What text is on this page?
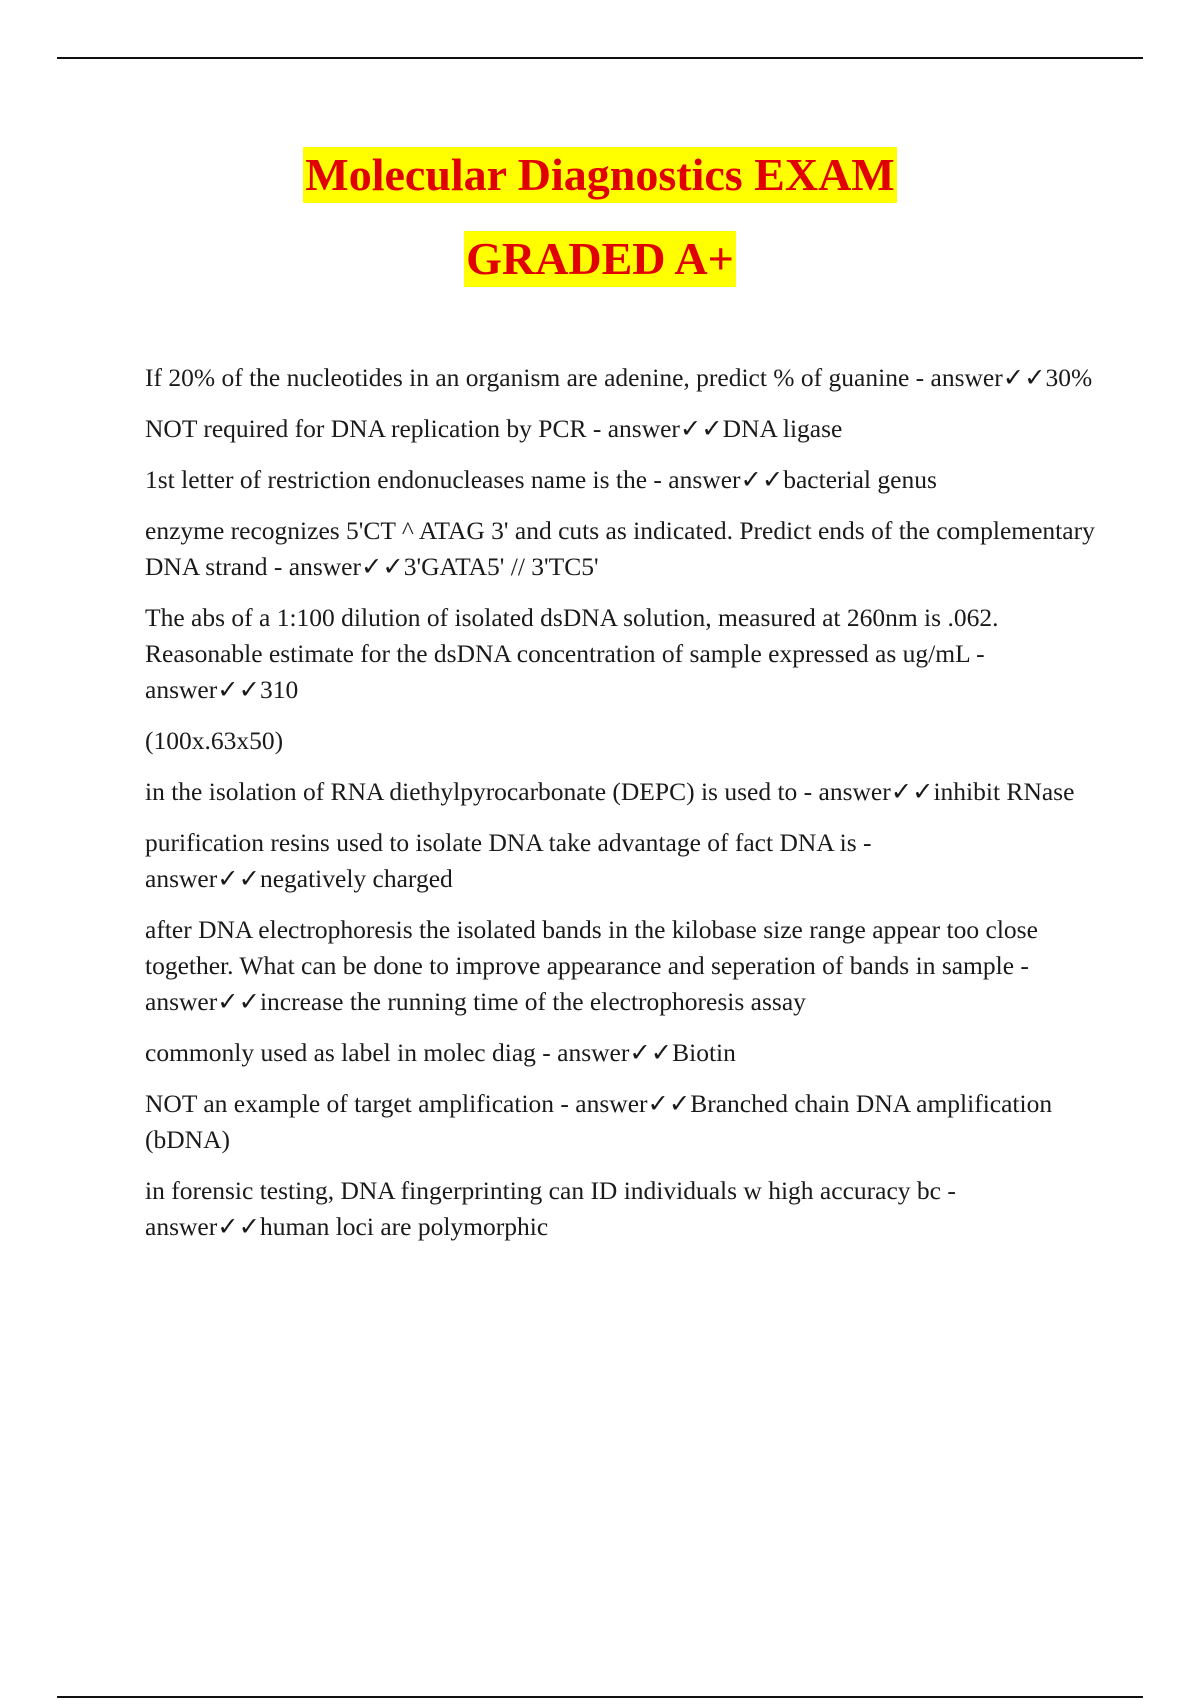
Molecular Diagnostics EXAM
GRADED A+

If 20% of the nucleotides in an organism are adenine, predict % of guanine - answer✓✓30%

NOT required for DNA replication by PCR - answer✓✓DNA ligase

1st letter of restriction endonucleases name is the - answer✓✓bacterial genus

enzyme recognizes 5'CT ^ ATAG 3' and cuts as indicated. Predict ends of the complementary DNA strand - answer✓✓3'GATA5' // 3'TC5'

The abs of a 1:100 dilution of isolated dsDNA solution, measured at 260nm is .062. Reasonable estimate for the dsDNA concentration of sample expressed as ug/mL - answer✓✓310

(100x.63x50)

in the isolation of RNA diethylpyrocarbonate (DEPC) is used to - answer✓✓inhibit RNase

purification resins used to isolate DNA take advantage of fact DNA is - answer✓✓negatively charged

after DNA electrophoresis the isolated bands in the kilobase size range appear too close together. What can be done to improve appearance and seperation of bands in sample - answer✓✓increase the running time of the electrophoresis assay

commonly used as label in molec diag - answer✓✓Biotin

NOT an example of target amplification - answer✓✓Branched chain DNA amplification (bDNA)

in forensic testing, DNA fingerprinting can ID individuals w high accuracy bc - answer✓✓human loci are polymorphic
